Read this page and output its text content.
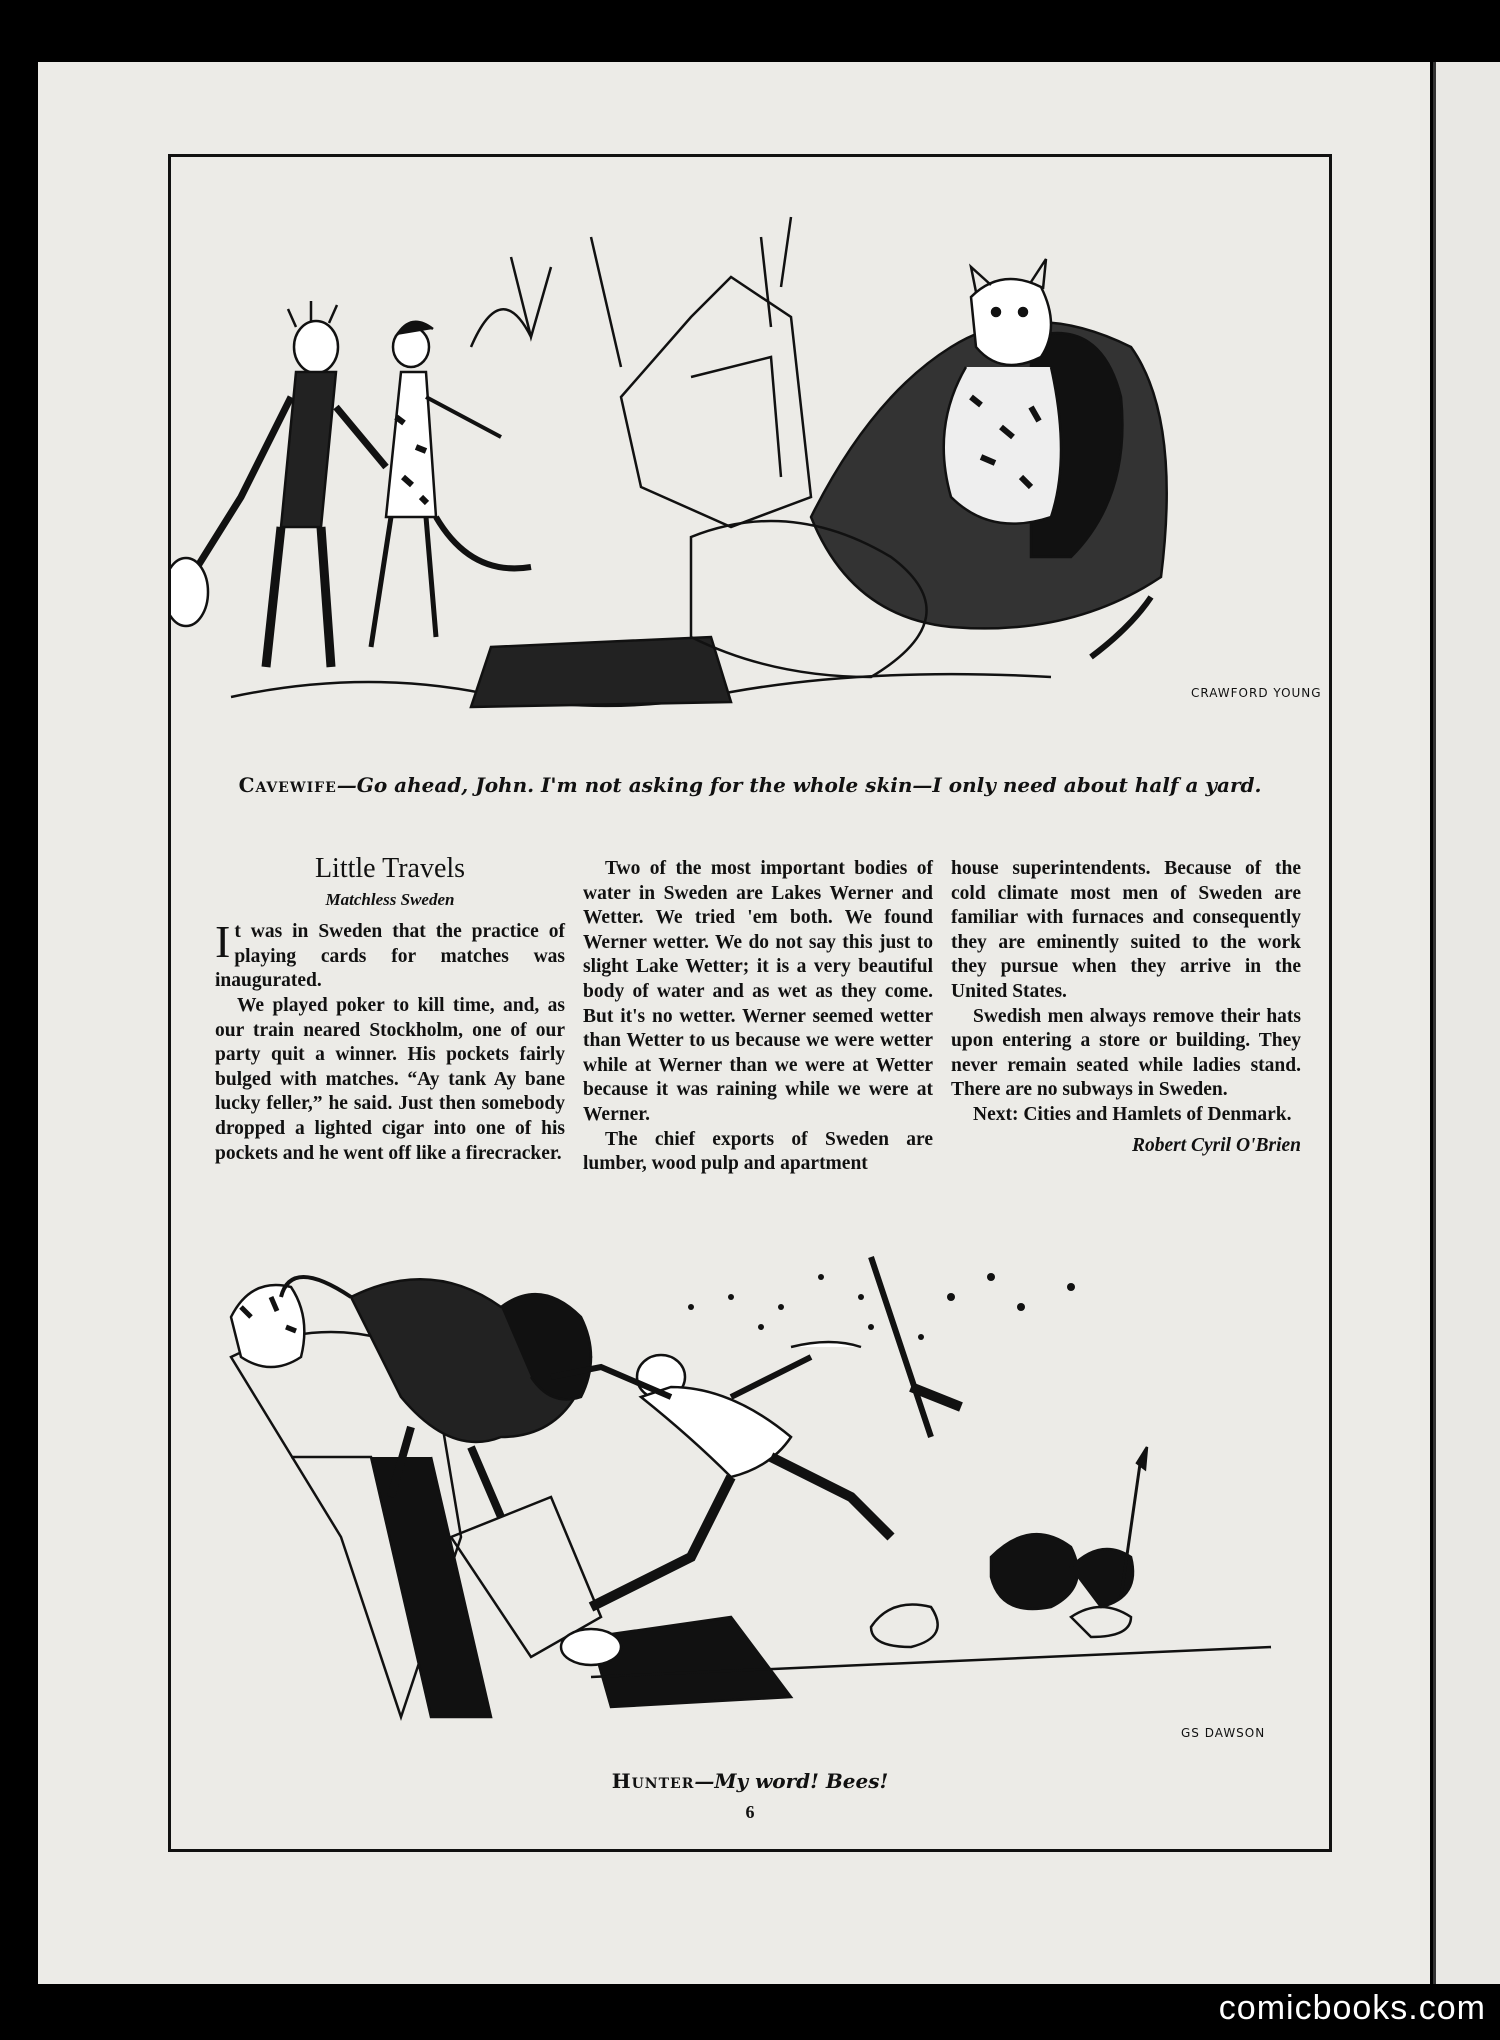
CRAWFORD YOUNG
Cavewife—Go ahead, John. I'm not asking for the whole skin—I only need about half a yard.
Little Travels
Matchless Sweden

It was in Sweden that the practice of playing cards for matches was inaugurated.

We played poker to kill time, and, as our train neared Stockholm, one of our party quit a winner. His pockets fairly bulged with matches. “Ay tank Ay bane lucky feller,” he said. Just then somebody dropped a lighted cigar into one of his pockets and he went off like a firecracker.

Two of the most important bodies of water in Sweden are Lakes Werner and Wetter. We tried 'em both. We found Werner wetter. We do not say this just to slight Lake Wetter; it is a very beautiful body of water and as wet as they come. But it's no wetter. Werner seemed wetter than Wetter to us because we were wetter while at Werner than we were at Wetter because it was raining while we were at Werner.

The chief exports of Sweden are lumber, wood pulp and apartment

house superintendents. Because of the cold climate most men of Sweden are familiar with furnaces and consequently they are eminently suited to the work they pursue when they arrive in the United States.

Swedish men always remove their hats upon entering a store or building. They never remain seated while ladies stand. There are no subways in Sweden.

Next: Cities and Hamlets of Denmark.

Robert Cyril O'Brien
GS DAWSON
Hunter—My word! Bees!
6
comicbooks.com
